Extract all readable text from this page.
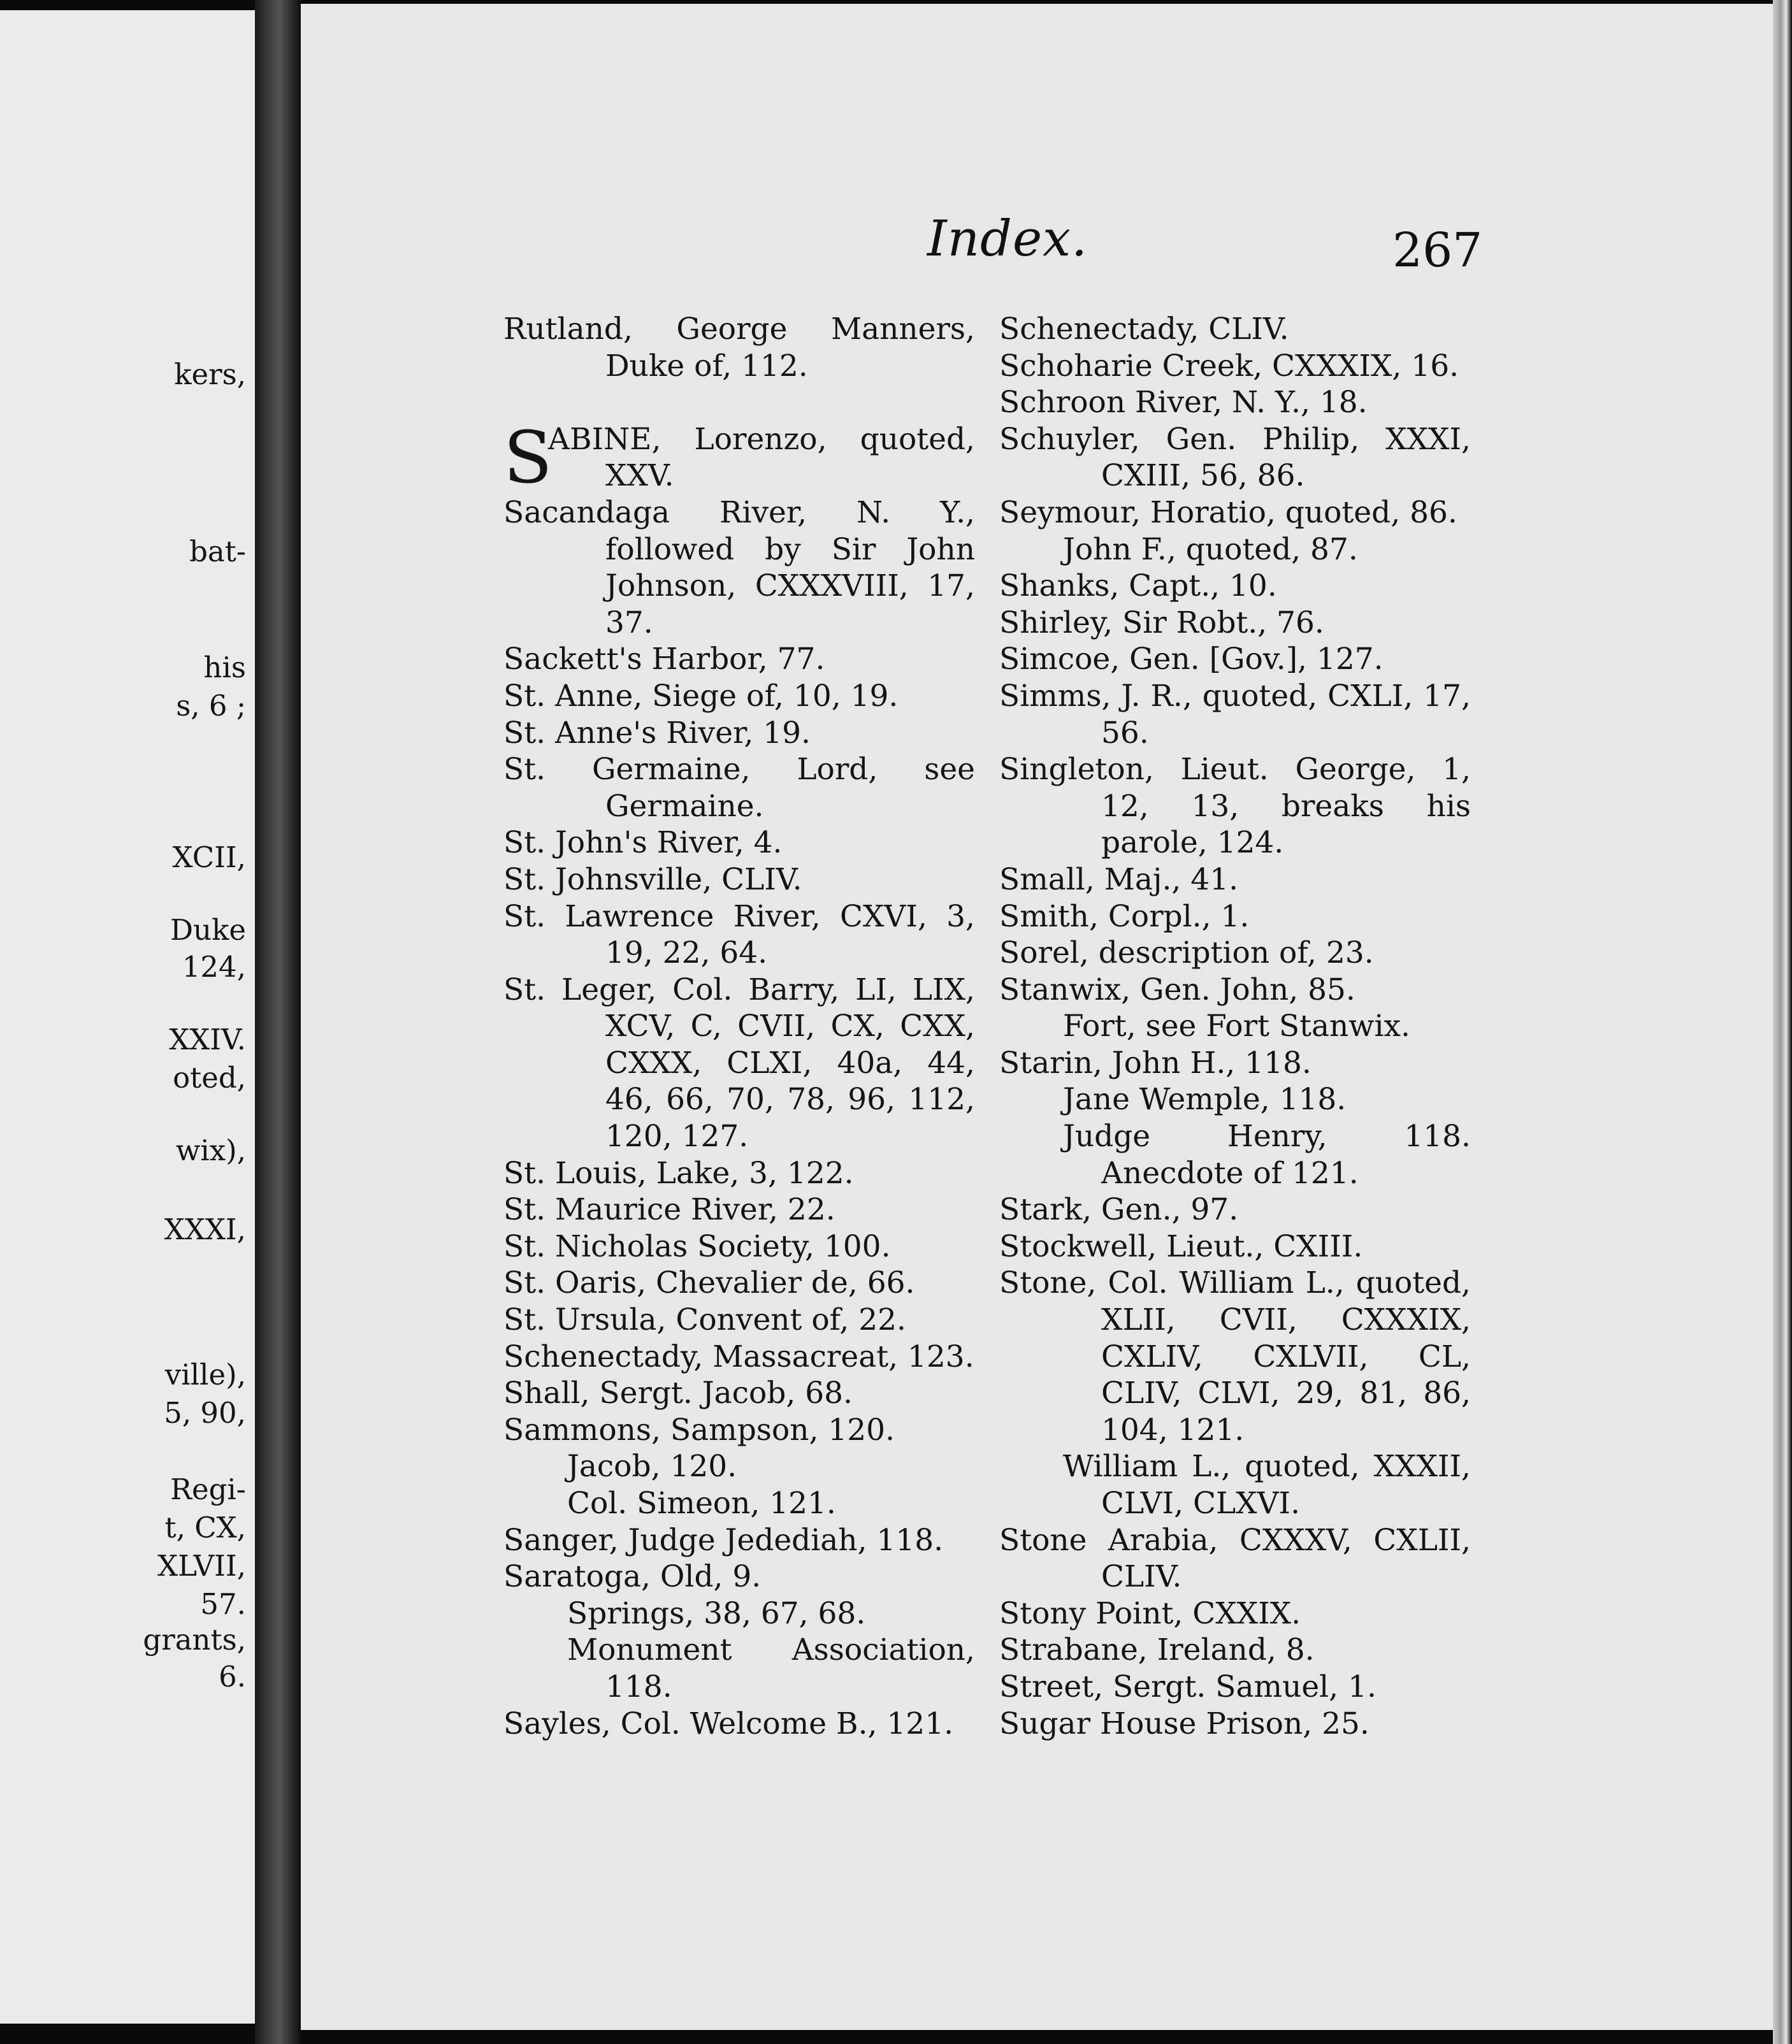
kers,
bat-
his
s, 6 ;
XCII,
Duke
124,
XXIV.
oted,
wix),
XXXI,
ville),
5, 90,
Regi-
t, CX,
XLVII,
57.
grants,
6.
Index.	267
Rutland, George Manners, Duke of, 112.
S
ABINE, Lorenzo, quoted, XXV.
Sacandaga River, N. Y., followed by Sir John Johnson, CXXXVIII, 17, 37.
Sackett's Harbor, 77.
St. Anne, Siege of, 10, 19.
St. Anne's River, 19.
St. Germaine, Lord, see Germaine.
St. John's River, 4.
St. Johnsville, CLIV.
St. Lawrence River, CXVI, 3, 19, 22, 64.
St. Leger, Col. Barry, LI, LIX, XCV, C, CVII, CX, CXX, CXXX, CLXI, 40a, 44, 46, 66, 70, 78, 96, 112, 120, 127.
St. Louis, Lake, 3, 122.
St. Maurice River, 22.
St. Nicholas Society, 100.
St. Oaris, Chevalier de, 66.
St. Ursula, Convent of, 22.
Schenectady, Massacreat, 123.
Shall, Sergt. Jacob, 68.
Sammons, Sampson, 120.
Jacob, 120.
Col. Simeon, 121.
Sanger, Judge Jedediah, 118.
Saratoga, Old, 9.
Springs, 38, 67, 68.
Monument Association, 118.
Sayles, Col. Welcome B., 121.
Schenectady, CLIV.
Schoharie Creek, CXXXIX, 16.
Schroon River, N. Y., 18.
Schuyler, Gen. Philip, XXXI, CXIII, 56, 86.
Seymour, Horatio, quoted, 86.
John F., quoted, 87.
Shanks, Capt., 10.
Shirley, Sir Robt., 76.
Simcoe, Gen. [Gov.], 127.
Simms, J. R., quoted, CXLI, 17, 56.
Singleton, Lieut. George, 1, 12, 13, breaks his parole, 124.
Small, Maj., 41.
Smith, Corpl., 1.
Sorel, description of, 23.
Stanwix, Gen. John, 85.
Fort, see Fort Stanwix.
Starin, John H., 118.
Jane Wemple, 118.
Judge Henry, 118. Anecdote of 121.
Stark, Gen., 97.
Stockwell, Lieut., CXIII.
Stone, Col. William L., quoted, XLII, CVII, CXXXIX, CXLIV, CXLVII, CL, CLIV, CLVI, 29, 81, 86, 104, 121.
William L., quoted, XXXII, CLVI, CLXVI.
Stone Arabia, CXXXV, CXLII, CLIV.
Stony Point, CXXIX.
Strabane, Ireland, 8.
Street, Sergt. Samuel, 1.
Sugar House Prison, 25.
